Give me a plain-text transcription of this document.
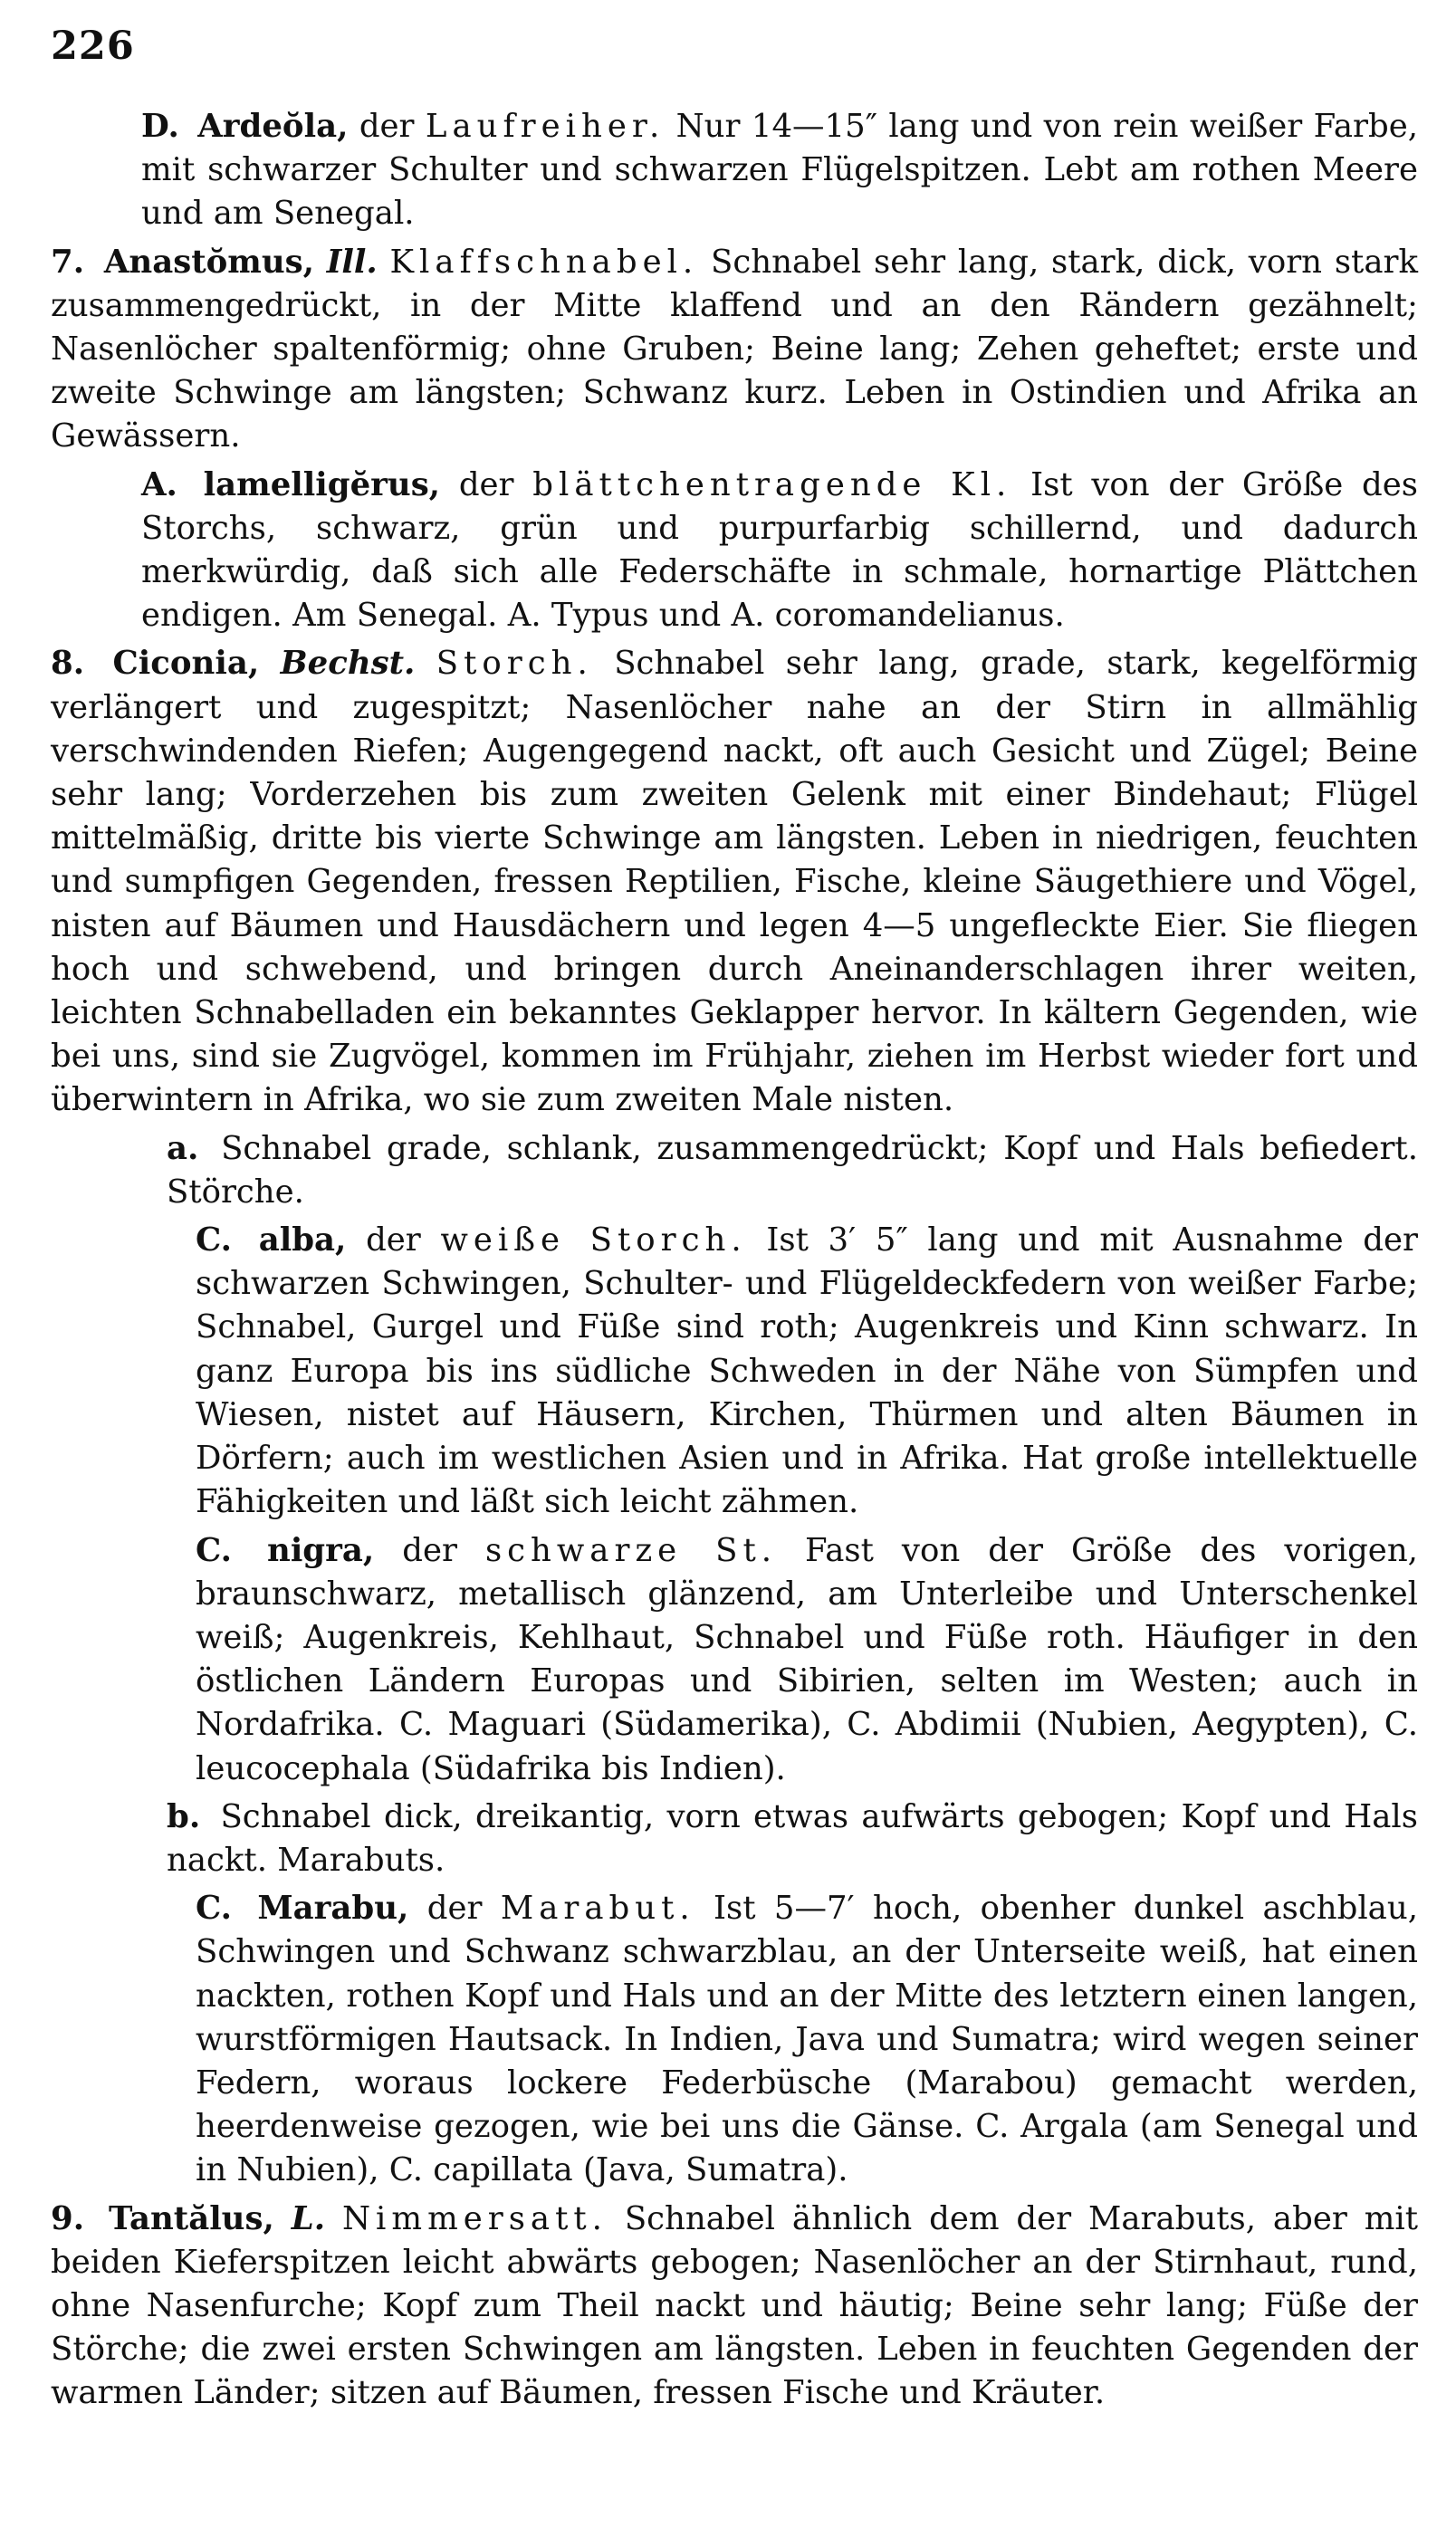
226

D. Ardeŏla, der Laufreiher. Nur 14—15″ lang und von rein weißer Farbe, mit schwarzer Schulter und schwarzen Flügelspitzen. Lebt am rothen Meere und am Senegal.

7. Anastŏmus, Ill. Klaffschnabel. Schnabel sehr lang, stark, dick, vorn stark zusammengedrückt, in der Mitte klaffend und an den Rändern gezähnelt; Nasenlöcher spaltenförmig; ohne Gruben; Beine lang; Zehen geheftet; erste und zweite Schwinge am längsten; Schwanz kurz. Leben in Ostindien und Afrika an Gewässern.

A. lamelligĕrus, der blättchentragende Kl. Ist von der Größe des Storchs, schwarz, grün und purpurfarbig schillernd, und dadurch merkwürdig, daß sich alle Federschäfte in schmale, hornartige Plättchen endigen. Am Senegal. A. Typus und A. coromandelianus.

8. Ciconia, Bechst. Storch. Schnabel sehr lang, grade, stark, kegelförmig verlängert und zugespitzt; Nasenlöcher nahe an der Stirn in allmählig verschwindenden Riefen; Augengegend nackt, oft auch Gesicht und Zügel; Beine sehr lang; Vorderzehen bis zum zweiten Gelenk mit einer Bindehaut; Flügel mittelmäßig, dritte bis vierte Schwinge am längsten. Leben in niedrigen, feuchten und sumpfigen Gegenden, fressen Reptilien, Fische, kleine Säugethiere und Vögel, nisten auf Bäumen und Hausdächern und legen 4—5 ungefleckte Eier. Sie fliegen hoch und schwebend, und bringen durch Aneinanderschlagen ihrer weiten, leichten Schnabelladen ein bekanntes Geklapper hervor. In kältern Gegenden, wie bei uns, sind sie Zugvögel, kommen im Frühjahr, ziehen im Herbst wieder fort und überwintern in Afrika, wo sie zum zweiten Male nisten.

a. Schnabel grade, schlank, zusammengedrückt; Kopf und Hals befiedert. Störche.

C. alba, der weiße Storch. Ist 3′ 5″ lang und mit Ausnahme der schwarzen Schwingen, Schulter- und Flügeldeckfedern von weißer Farbe; Schnabel, Gurgel und Füße sind roth; Augenkreis und Kinn schwarz. In ganz Europa bis ins südliche Schweden in der Nähe von Sümpfen und Wiesen, nistet auf Häusern, Kirchen, Thürmen und alten Bäumen in Dörfern; auch im westlichen Asien und in Afrika. Hat große intellektuelle Fähigkeiten und läßt sich leicht zähmen.

C. nigra, der schwarze St. Fast von der Größe des vorigen, braunschwarz, metallisch glänzend, am Unterleibe und Unterschenkel weiß; Augenkreis, Kehlhaut, Schnabel und Füße roth. Häufiger in den östlichen Ländern Europas und Sibirien, selten im Westen; auch in Nordafrika. C. Maguari (Südamerika), C. Abdimii (Nubien, Aegypten), C. leucocephala (Südafrika bis Indien).

b. Schnabel dick, dreikantig, vorn etwas aufwärts gebogen; Kopf und Hals nackt. Marabuts.

C. Marabu, der Marabut. Ist 5—7′ hoch, obenher dunkel aschblau, Schwingen und Schwanz schwarzblau, an der Unterseite weiß, hat einen nackten, rothen Kopf und Hals und an der Mitte des letztern einen langen, wurstförmigen Hautsack. In Indien, Java und Sumatra; wird wegen seiner Federn, woraus lockere Federbüsche (Marabou) gemacht werden, heerdenweise gezogen, wie bei uns die Gänse. C. Argala (am Senegal und in Nubien), C. capillata (Java, Sumatra).

9. Tantălus, L. Nimmersatt. Schnabel ähnlich dem der Marabuts, aber mit beiden Kieferspitzen leicht abwärts gebogen; Nasenlöcher an der Stirnhaut, rund, ohne Nasenfurche; Kopf zum Theil nackt und häutig; Beine sehr lang; Füße der Störche; die zwei ersten Schwingen am längsten. Leben in feuchten Gegenden der warmen Länder; sitzen auf Bäumen, fressen Fische und Kräuter.
